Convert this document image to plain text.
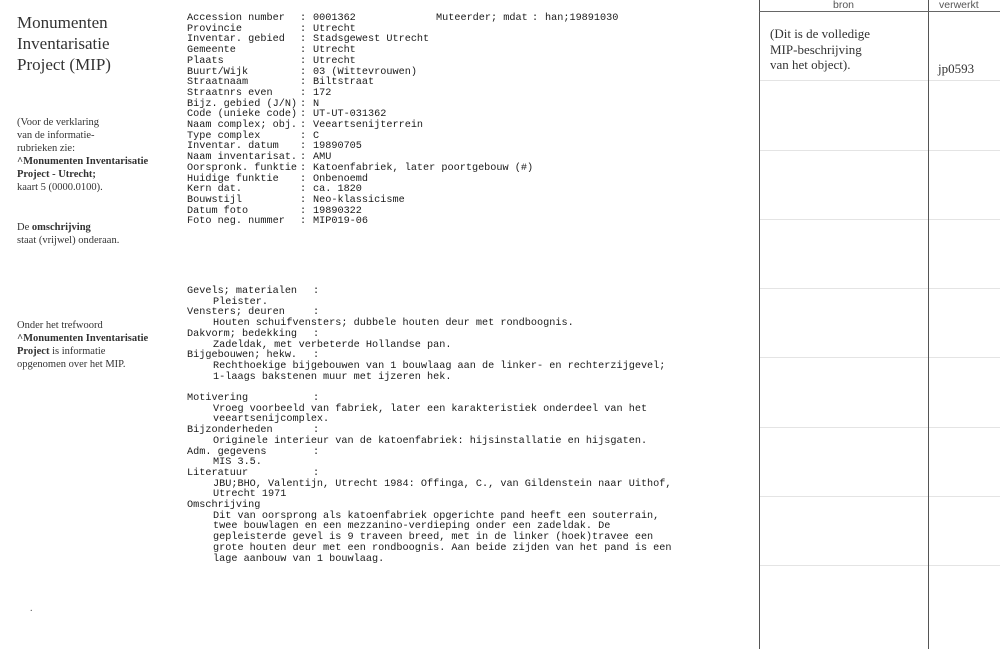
Monumenten
Inventarisatie
Project (MIP)
(Voor de verklaring
van de informatie-
rubrieken zie:
^Monumenten Inventarisatie
Project - Utrecht;
kaart 5 (0000.0100).
De omschrijving
staat (vrijwel) onderaan.
Onder het trefwoord
^Monumenten Inventarisatie
Project is informatie
opgenomen over het MIP.
.
Accession number	: 0001362	Muteerder; mdat : han;19891030
Provincie	: Utrecht
Inventar. gebied	: Stadsgewest Utrecht
Gemeente	: Utrecht
Plaats	: Utrecht
Buurt/Wijk	: 03 (Wittevrouwen)
Straatnaam	: Biltstraat
Straatnrs even	: 172
Bijz. gebied (J/N) : N
Code (unieke code) : UT-UT-031362
Naam complex; obj. : Veeartsenijterrein
Type complex	: C
Inventar. datum	: 19890705
Naam inventarisat. : AMU
Oorspronk. funktie : Katoenfabriek, later poortgebouw (#)
Huidige funktie	: Onbenoemd
Kern dat.	: ca. 1820
Bouwstijl	: Neo-klassicisme
Datum foto	: 19890322
Foto neg. nummer	: MIP019-06
Gevels; materialen	:
Pleister.
Vensters; deuren	:
Houten schuifvensters; dubbele houten deur met rondboognis.
Dakvorm; bedekking	:
Zadeldak, met verbeterde Hollandse pan.
Bijgebouwen; hekw.	:
Rechthoekige bijgebouwen van 1 bouwlaag aan de linker- en rechterzijgevel;
1-laags bakstenen muur met ijzeren hek.
Motivering	:
Vroeg voorbeeld van fabriek, later een karakteristiek onderdeel van het
veeartsenijcomplex.
Bijzonderheden	:
Originele interieur van de katoenfabriek: hijsinstallatie en hijsgaten.
Adm. gegevens	:
MIS 3.5.
Literatuur	:
JBU;BHO, Valentijn, Utrecht 1984: Offinga, C., van Gildenstein naar Uithof,
Utrecht 1971
Omschrijving
Dit van oorsprong als katoenfabriek opgerichte pand heeft een souterrain,
twee bouwlagen en een mezzanino-verdieping onder een zadeldak. De
gepleisterde gevel is 9 traveen breed, met in de linker (hoek)travee een
grote houten deur met een rondboognis. Aan beide zijden van het pand is een
lage aanbouw van 1 bouwlaag.
bron	verwerkt
(Dit is de volledige
MIP-beschrijving
van het object).	jp0593
